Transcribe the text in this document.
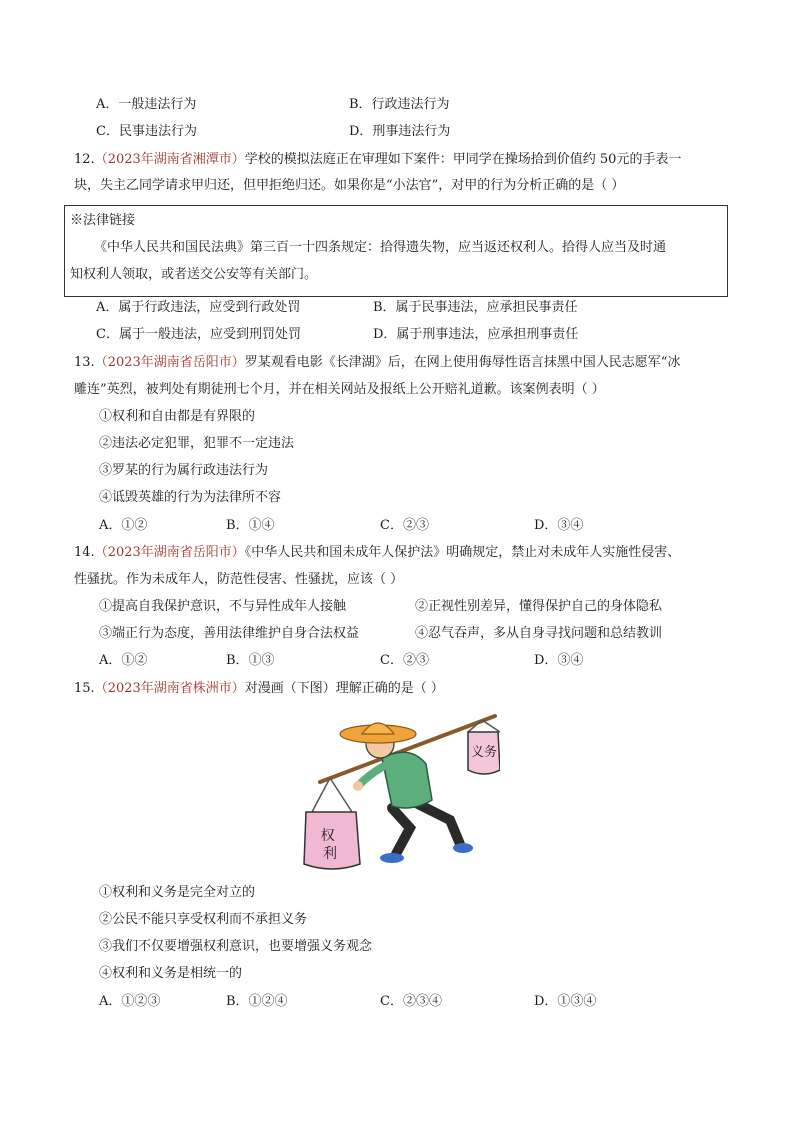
A．一般违法行为	B．行政违法行为
C．民事违法行为	D．刑事违法行为
12.（2023年湖南省湘潭市）学校的模拟法庭正在审理如下案件：甲同学在操场拾到价值约 50元的手表一
块，失主乙同学请求甲归还，但甲拒绝归还。如果你是“小法官”，对甲的行为分析正确的是（ ）
※法律链接
《中华人民共和国民法典》第三百一十四条规定：拾得遗失物，应当返还权利人。拾得人应当及时通
知权利人领取，或者送交公安等有关部门。
A．属于行政违法，应受到行政处罚	B．属于民事违法，应承担民事责任
C．属于一般违法，应受到刑罚处罚	D．属于刑事违法，应承担刑事责任
13.（2023年湖南省岳阳市）罗某观看电影《长津湖》后，在网上使用侮辱性语言抹黑中国人民志愿军“冰
雕连”英烈，被判处有期徒刑七个月，并在相关网站及报纸上公开赔礼道歉。该案例表明（ ）
①权利和自由都是有界限的
②违法必定犯罪，犯罪不一定违法
③罗某的行为属行政违法行为
④诋毁英雄的行为为法律所不容
A．①②	B．①④	C．②③	D．③④
14.（2023年湖南省岳阳市）《中华人民共和国未成年人保护法》明确规定，禁止对未成年人实施性侵害、
性骚扰。作为未成年人，防范性侵害、性骚扰，应该（ ）
①提高自我保护意识，不与异性成年人接触	②正视性别差异，懂得保护自己的身体隐私
③端正行为态度，善用法律维护自身合法权益	④忍气吞声，多从自身寻找问题和总结教训
A．①②	B．①③	C．②③	D．③④
15.（2023年湖南省株洲市）对漫画（下图）理解正确的是（ ）
义务
权 利
①权利和义务是完全对立的
②公民不能只享受权利而不承担义务
③我们不仅要增强权利意识，也要增强义务观念
④权利和义务是相统一的
A．①②③	B．①②④	C．②③④	D．①③④
